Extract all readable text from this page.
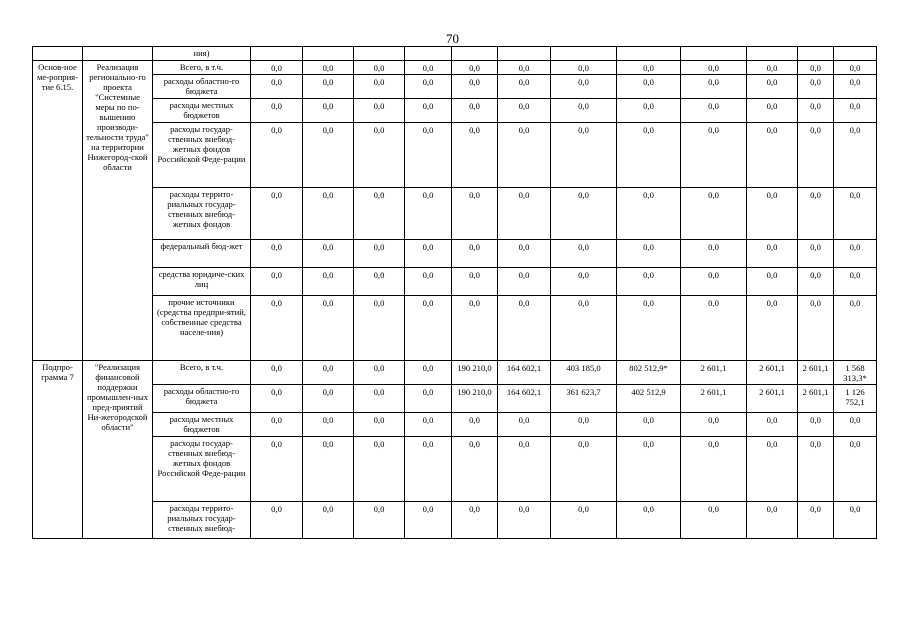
70
		ния)												
Основ-ное ме-роприя-тие 6.15.	Реализация регионально-го проекта "Системные меры по по-вышению производи-тельности труда" на территории Нижегород-ской области	Всего, в т.ч.	0,0	0,0	0,0	0,0	0,0	0,0	0,0	0,0	0,0	0,0	0,0	0,0
		расходы областно-го бюджета	0,0	0,0	0,0	0,0	0,0	0,0	0,0	0,0	0,0	0,0	0,0	0,0
		расходы местных бюджетов	0,0	0,0	0,0	0,0	0,0	0,0	0,0	0,0	0,0	0,0	0,0	0,0
		расходы государ-ственных внебюд-жетных фондов Российской Феде-рации	0,0	0,0	0,0	0,0	0,0	0,0	0,0	0,0	0,0	0,0	0,0	0,0
		расходы террито-риальных государ-ственных внебюд-жетных фондов	0,0	0,0	0,0	0,0	0,0	0,0	0,0	0,0	0,0	0,0	0,0	0,0
		федеральный бюд-жет	0,0	0,0	0,0	0,0	0,0	0,0	0,0	0,0	0,0	0,0	0,0	0,0
		средства юридиче-ских лиц	0,0	0,0	0,0	0,0	0,0	0,0	0,0	0,0	0,0	0,0	0,0	0,0
		прочие источники (средства предпри-ятий, собственные средства населе-ния)	0,0	0,0	0,0	0,0	0,0	0,0	0,0	0,0	0,0	0,0	0,0	0,0
Подпро-грамма 7	"Реализация финансовой поддержки промышлен-ных пред-приятий Ни-жегородской области"	Всего, в т.ч.	0,0	0,0	0,0	0,0	190 210,0	164 602,1	403 185,0	802 512,9*	2 601,1	2 601,1	2 601,1	1 568 313,3*
		расходы областно-го бюджета	0,0	0,0	0,0	0,0	190 210,0	164 602,1	361 623,7	402 512,9	2 601,1	2 601,1	2 601,1	1 126 752,1
		расходы местных бюджетов	0,0	0,0	0,0	0,0	0,0	0,0	0,0	0,0	0,0	0,0	0,0	0,0
		расходы государ-ственных внебюд-жетных фондов Российской Феде-рации	0,0	0,0	0,0	0,0	0,0	0,0	0,0	0,0	0,0	0,0	0,0	0,0
		расходы террито-риальных государ-ственных внебюд-	0,0	0,0	0,0	0,0	0,0	0,0	0,0	0,0	0,0	0,0	0,0	0,0
